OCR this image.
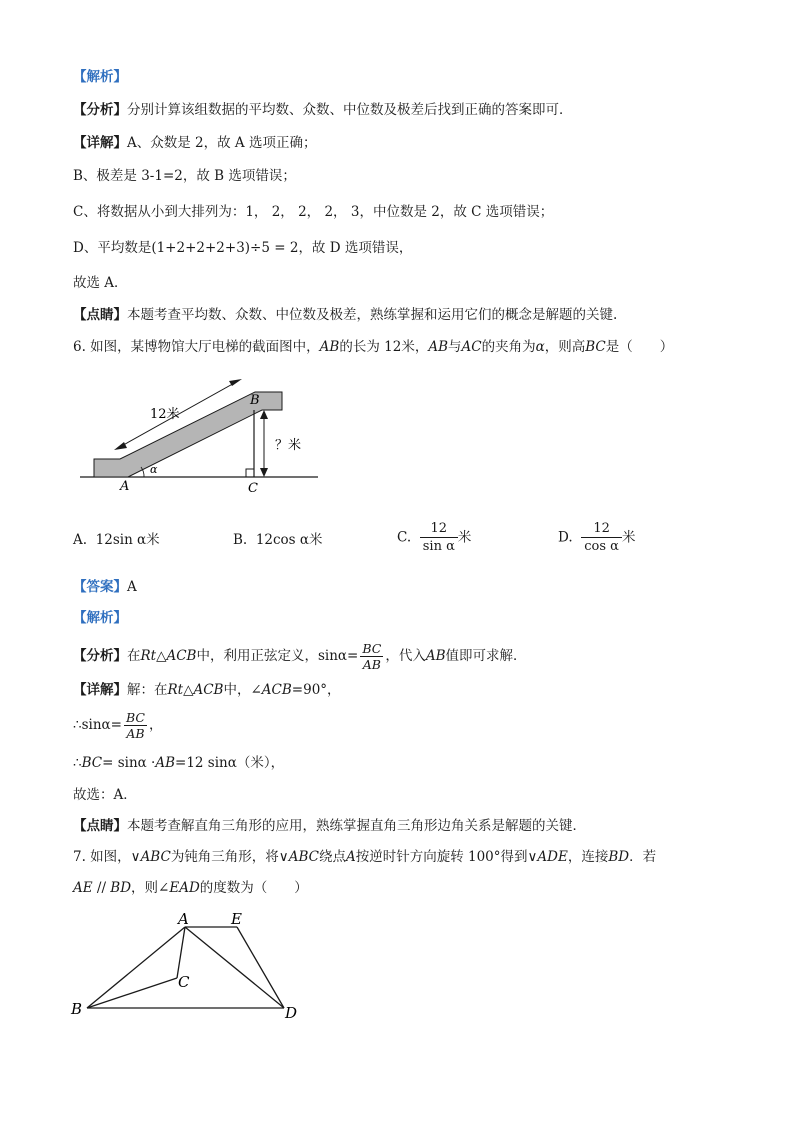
【解析】
【分析】分别计算该组数据的平均数、众数、中位数及极差后找到正确的答案即可．
【详解】A、众数是 2，故 A 选项正确；
B、极差是 3-1=2，故 B 选项错误；
C、将数据从小到大排列为：1， 2， 2， 2， 3，中位数是 2，故 C 选项错误；
D、平均数是(1+2+2+2+3)÷5 = 2，故 D 选项错误，
故选 A．
【点睛】本题考查平均数、众数、中位数及极差，熟练掌握和运用它们的概念是解题的关键.
6. 如图，某博物馆大厅电梯的截面图中，AB的长为 12米，AB与AC的夹角为α，则高BC是（　　）
12米
？米
B
A	C
α
A. 12sin α米	B. 12cos α米	C. $\frac{12}{\text{sin α}}$ 米	D. $\frac{12}{\text{cos α}}$ 米
【答案】A
【解析】
【分析】在Rt△ACB中，利用正弦定义，$\sin\alpha= \frac{BC}{AB}$ ，代入AB值即可求解．
【详解】解：在Rt△ACB中，∠ACB=90°，
∴sinα= $\frac{BC}{AB}$ ，
∴BC= sinα ·AB=12 sinα（米），
故选：A．
【点睛】本题考查解直角三角形的应用，熟练掌握直角三角形边角关系是解题的关键．
7. 如图，∨ABC为钝角三角形，将∨ABC绕点A按逆时针方向旋转 100°得到∨ADE，连接BD．若
AE // BD，则∠EAD的度数为（　　）
A	E
C
B	D
